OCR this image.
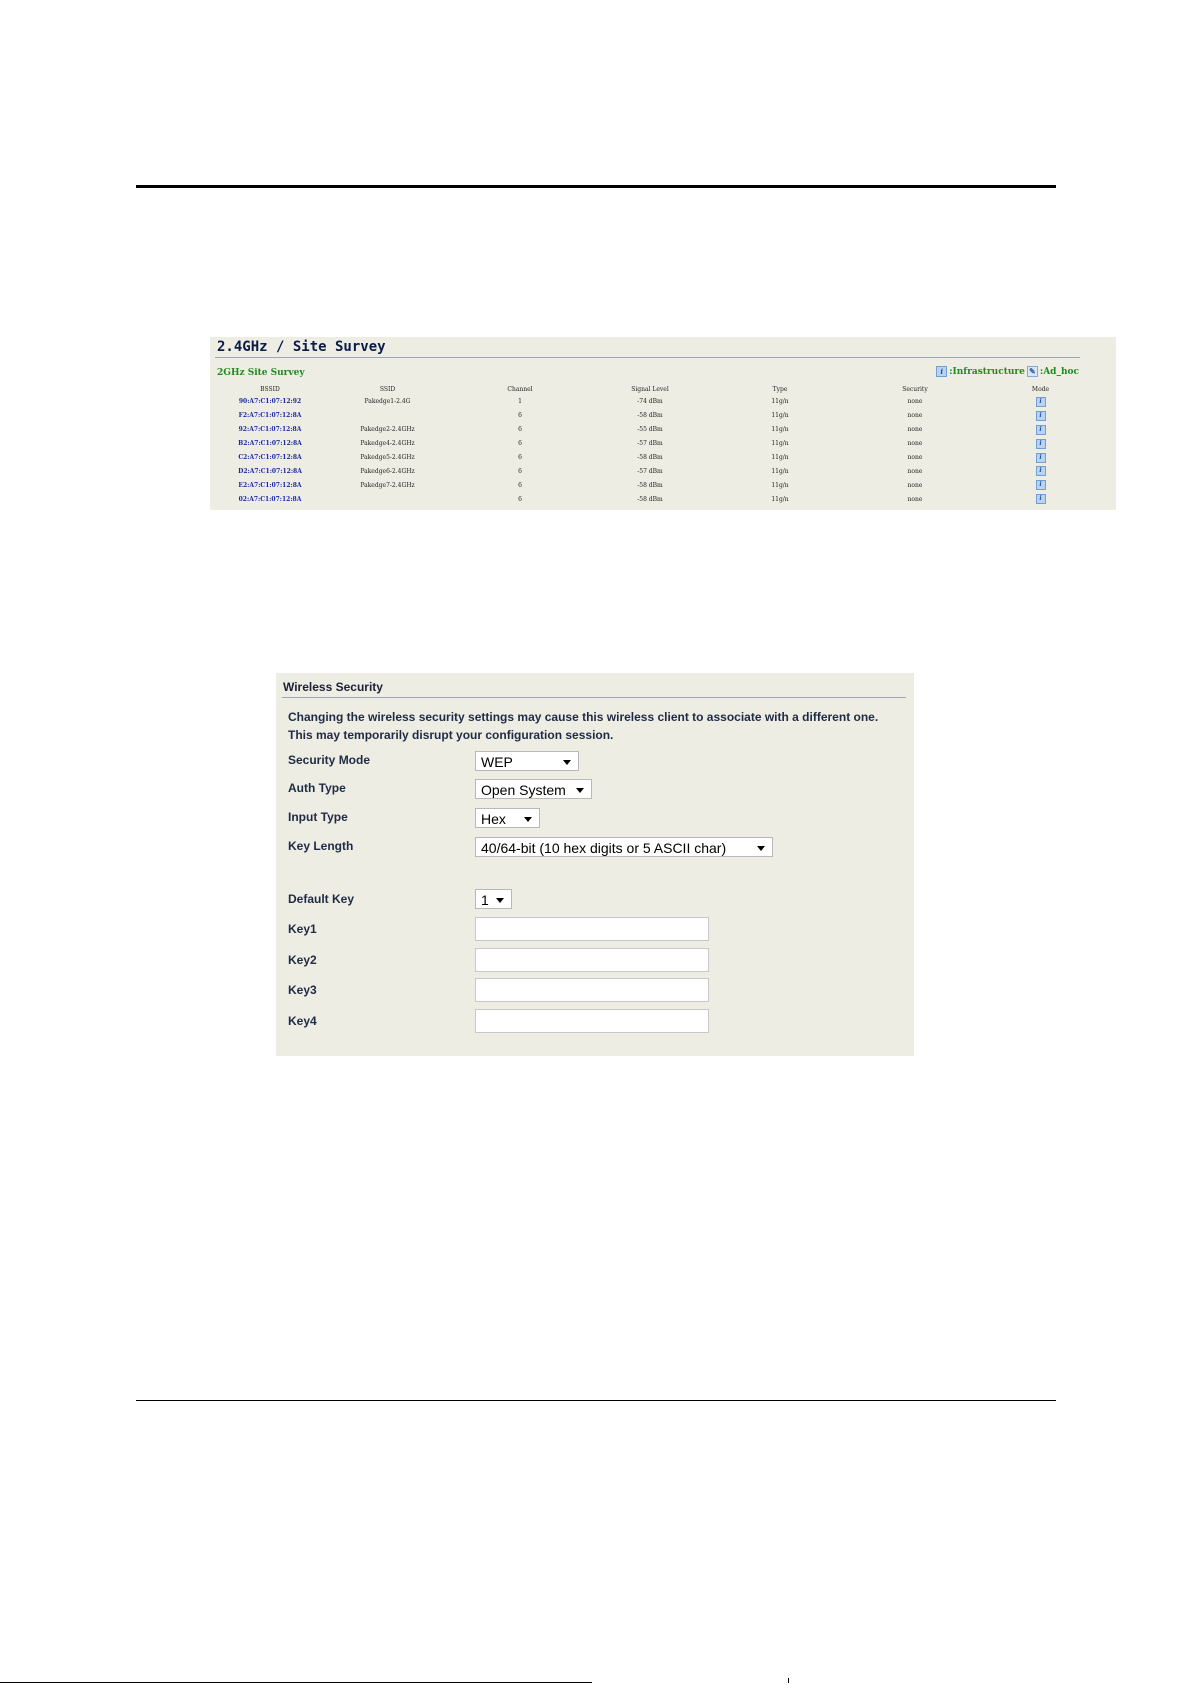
2.4GHz / Site Survey
2GHz Site Survey	i :Infrastructure ✎ :Ad_hoc
BSSID	SSID	Channel	Signal Level	Type	Security	Mode
90:A7:C1:07:12:92	Pakedge1-2.4G	1	-74 dBm	11g/n	none	i
F2:A7:C1:07:12:8A		6	-58 dBm	11g/n	none	i
92:A7:C1:07:12:8A	Pakedge2-2.4GHz	6	-55 dBm	11g/n	none	i
B2:A7:C1:07:12:8A	Pakedge4-2.4GHz	6	-57 dBm	11g/n	none	i
C2:A7:C1:07:12:8A	Pakedge5-2.4GHz	6	-58 dBm	11g/n	none	i
D2:A7:C1:07:12:8A	Pakedge6-2.4GHz	6	-57 dBm	11g/n	none	i
E2:A7:C1:07:12:8A	Pakedge7-2.4GHz	6	-58 dBm	11g/n	none	i
02:A7:C1:07:12:8A		6	-58 dBm	11g/n	none	i
Wireless Security
Changing the wireless security settings may cause this wireless client to associate with a different one. This may temporarily disrupt your configuration session.
Security Mode	WEP
Auth Type	Open System
Input Type	Hex
Key Length	40/64-bit (10 hex digits or 5 ASCII char)
Default Key	1
Key1
Key2
Key3
Key4
